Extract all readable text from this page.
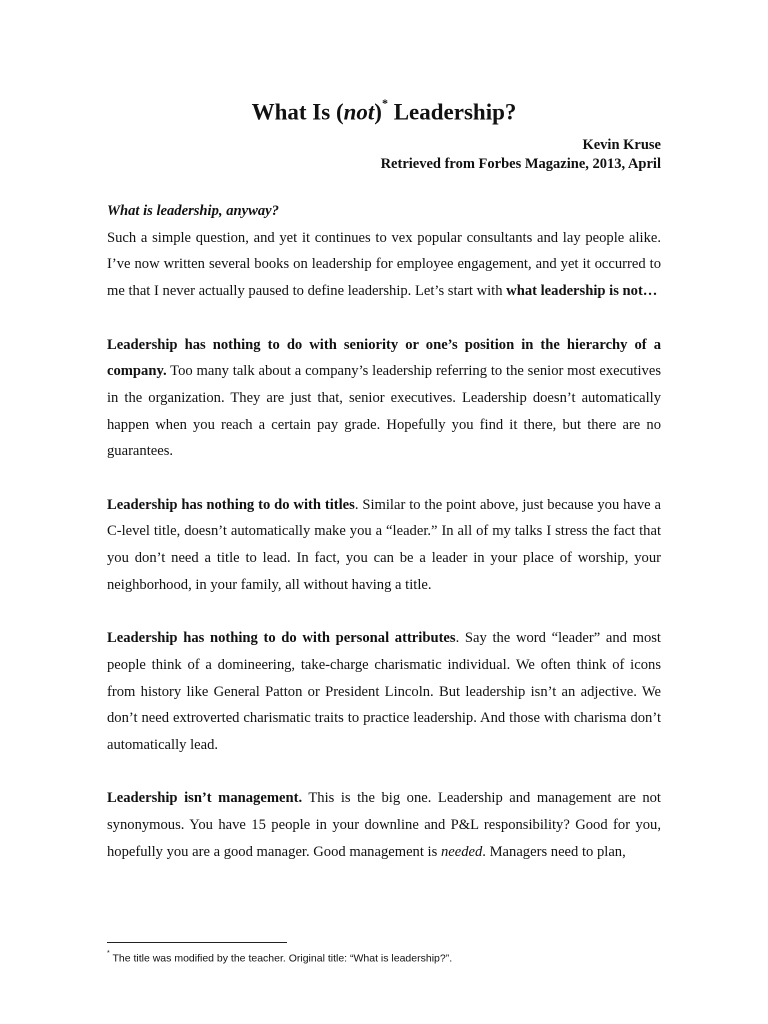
What Is (not)* Leadership?
Kevin Kruse
Retrieved from Forbes Magazine, 2013, April

What is leadership, anyway?

Such a simple question, and yet it continues to vex popular consultants and lay people alike. I’ve now written several books on leadership for employee engagement, and yet it occurred to me that I never actually paused to define leadership. Let’s start with what leadership is not…

Leadership has nothing to do with seniority or one’s position in the hierarchy of a company. Too many talk about a company’s leadership referring to the senior most executives in the organization. They are just that, senior executives. Leadership doesn’t automatically happen when you reach a certain pay grade. Hopefully you find it there, but there are no guarantees.

Leadership has nothing to do with titles. Similar to the point above, just because you have a C-level title, doesn’t automatically make you a “leader.” In all of my talks I stress the fact that you don’t need a title to lead. In fact, you can be a leader in your place of worship, your neighborhood, in your family, all without having a title.

Leadership has nothing to do with personal attributes. Say the word “leader” and most people think of a domineering, take-charge charismatic individual. We often think of icons from history like General Patton or President Lincoln. But leadership isn’t an adjective. We don’t need extroverted charismatic traits to practice leadership. And those with charisma don’t automatically lead.

Leadership isn’t management. This is the big one. Leadership and management are not synonymous. You have 15 people in your downline and P&L responsibility? Good for you, hopefully you are a good manager. Good management is needed. Managers need to plan,

* The title was modified by the teacher. Original title: “What is leadership?”.
